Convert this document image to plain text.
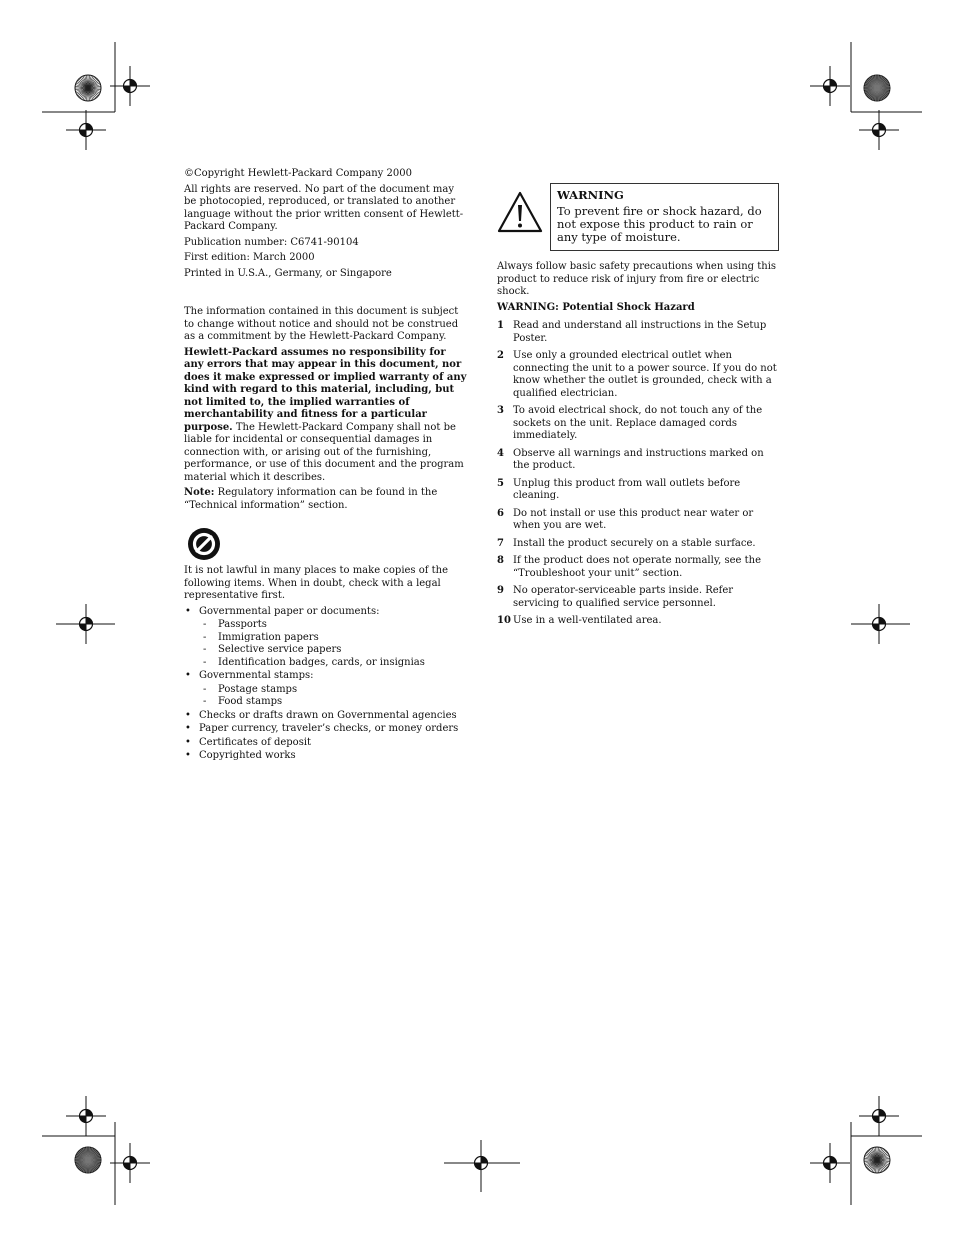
©Copyright Hewlett-Packard Company 2000

All rights are reserved. No part of the document may be photocopied, reproduced, or translated to another language without the prior written consent of Hewlett-Packard Company.

Publication number: C6741-90104

First edition: March 2000

Printed in U.S.A., Germany, or Singapore

The information contained in this document is subject to change without notice and should not be construed as a commitment by the Hewlett-Packard Company.

Hewlett-Packard assumes no responsibility for any errors that may appear in this document, nor does it make expressed or implied warranty of any kind with regard to this material, including, but not limited to, the implied warranties of merchantability and fitness for a particular purpose. The Hewlett-Packard Company shall not be liable for incidental or consequential damages in connection with, or arising out of the furnishing, performance, or use of this document and the program material which it describes.

Note: Regulatory information can be found in the “Technical information” section.

It is not lawful in many places to make copies of the following items. When in doubt, check with a legal representative first.

• Governmental paper or documents:
- Passports
- Immigration papers
- Selective service papers
- Identification badges, cards, or insignias
• Governmental stamps:
- Postage stamps
- Food stamps
• Checks or drafts drawn on Governmental agencies
• Paper currency, traveler’s checks, or money orders
• Certificates of deposit
• Copyrighted works

WARNING

To prevent fire or shock hazard, do not expose this product to rain or any type of moisture.

Always follow basic safety precautions when using this product to reduce risk of injury from fire or electric shock.

WARNING: Potential Shock Hazard

1 Read and understand all instructions in the Setup Poster.
2 Use only a grounded electrical outlet when connecting the unit to a power source. If you do not know whether the outlet is grounded, check with a qualified electrician.
3 To avoid electrical shock, do not touch any of the sockets on the unit. Replace damaged cords immediately.
4 Observe all warnings and instructions marked on the product.
5 Unplug this product from wall outlets before cleaning.
6 Do not install or use this product near water or when you are wet.
7 Install the product securely on a stable surface.
8 If the product does not operate normally, see the “Troubleshoot your unit” section.
9 No operator-serviceable parts inside. Refer servicing to qualified service personnel.
10 Use in a well-ventilated area.
